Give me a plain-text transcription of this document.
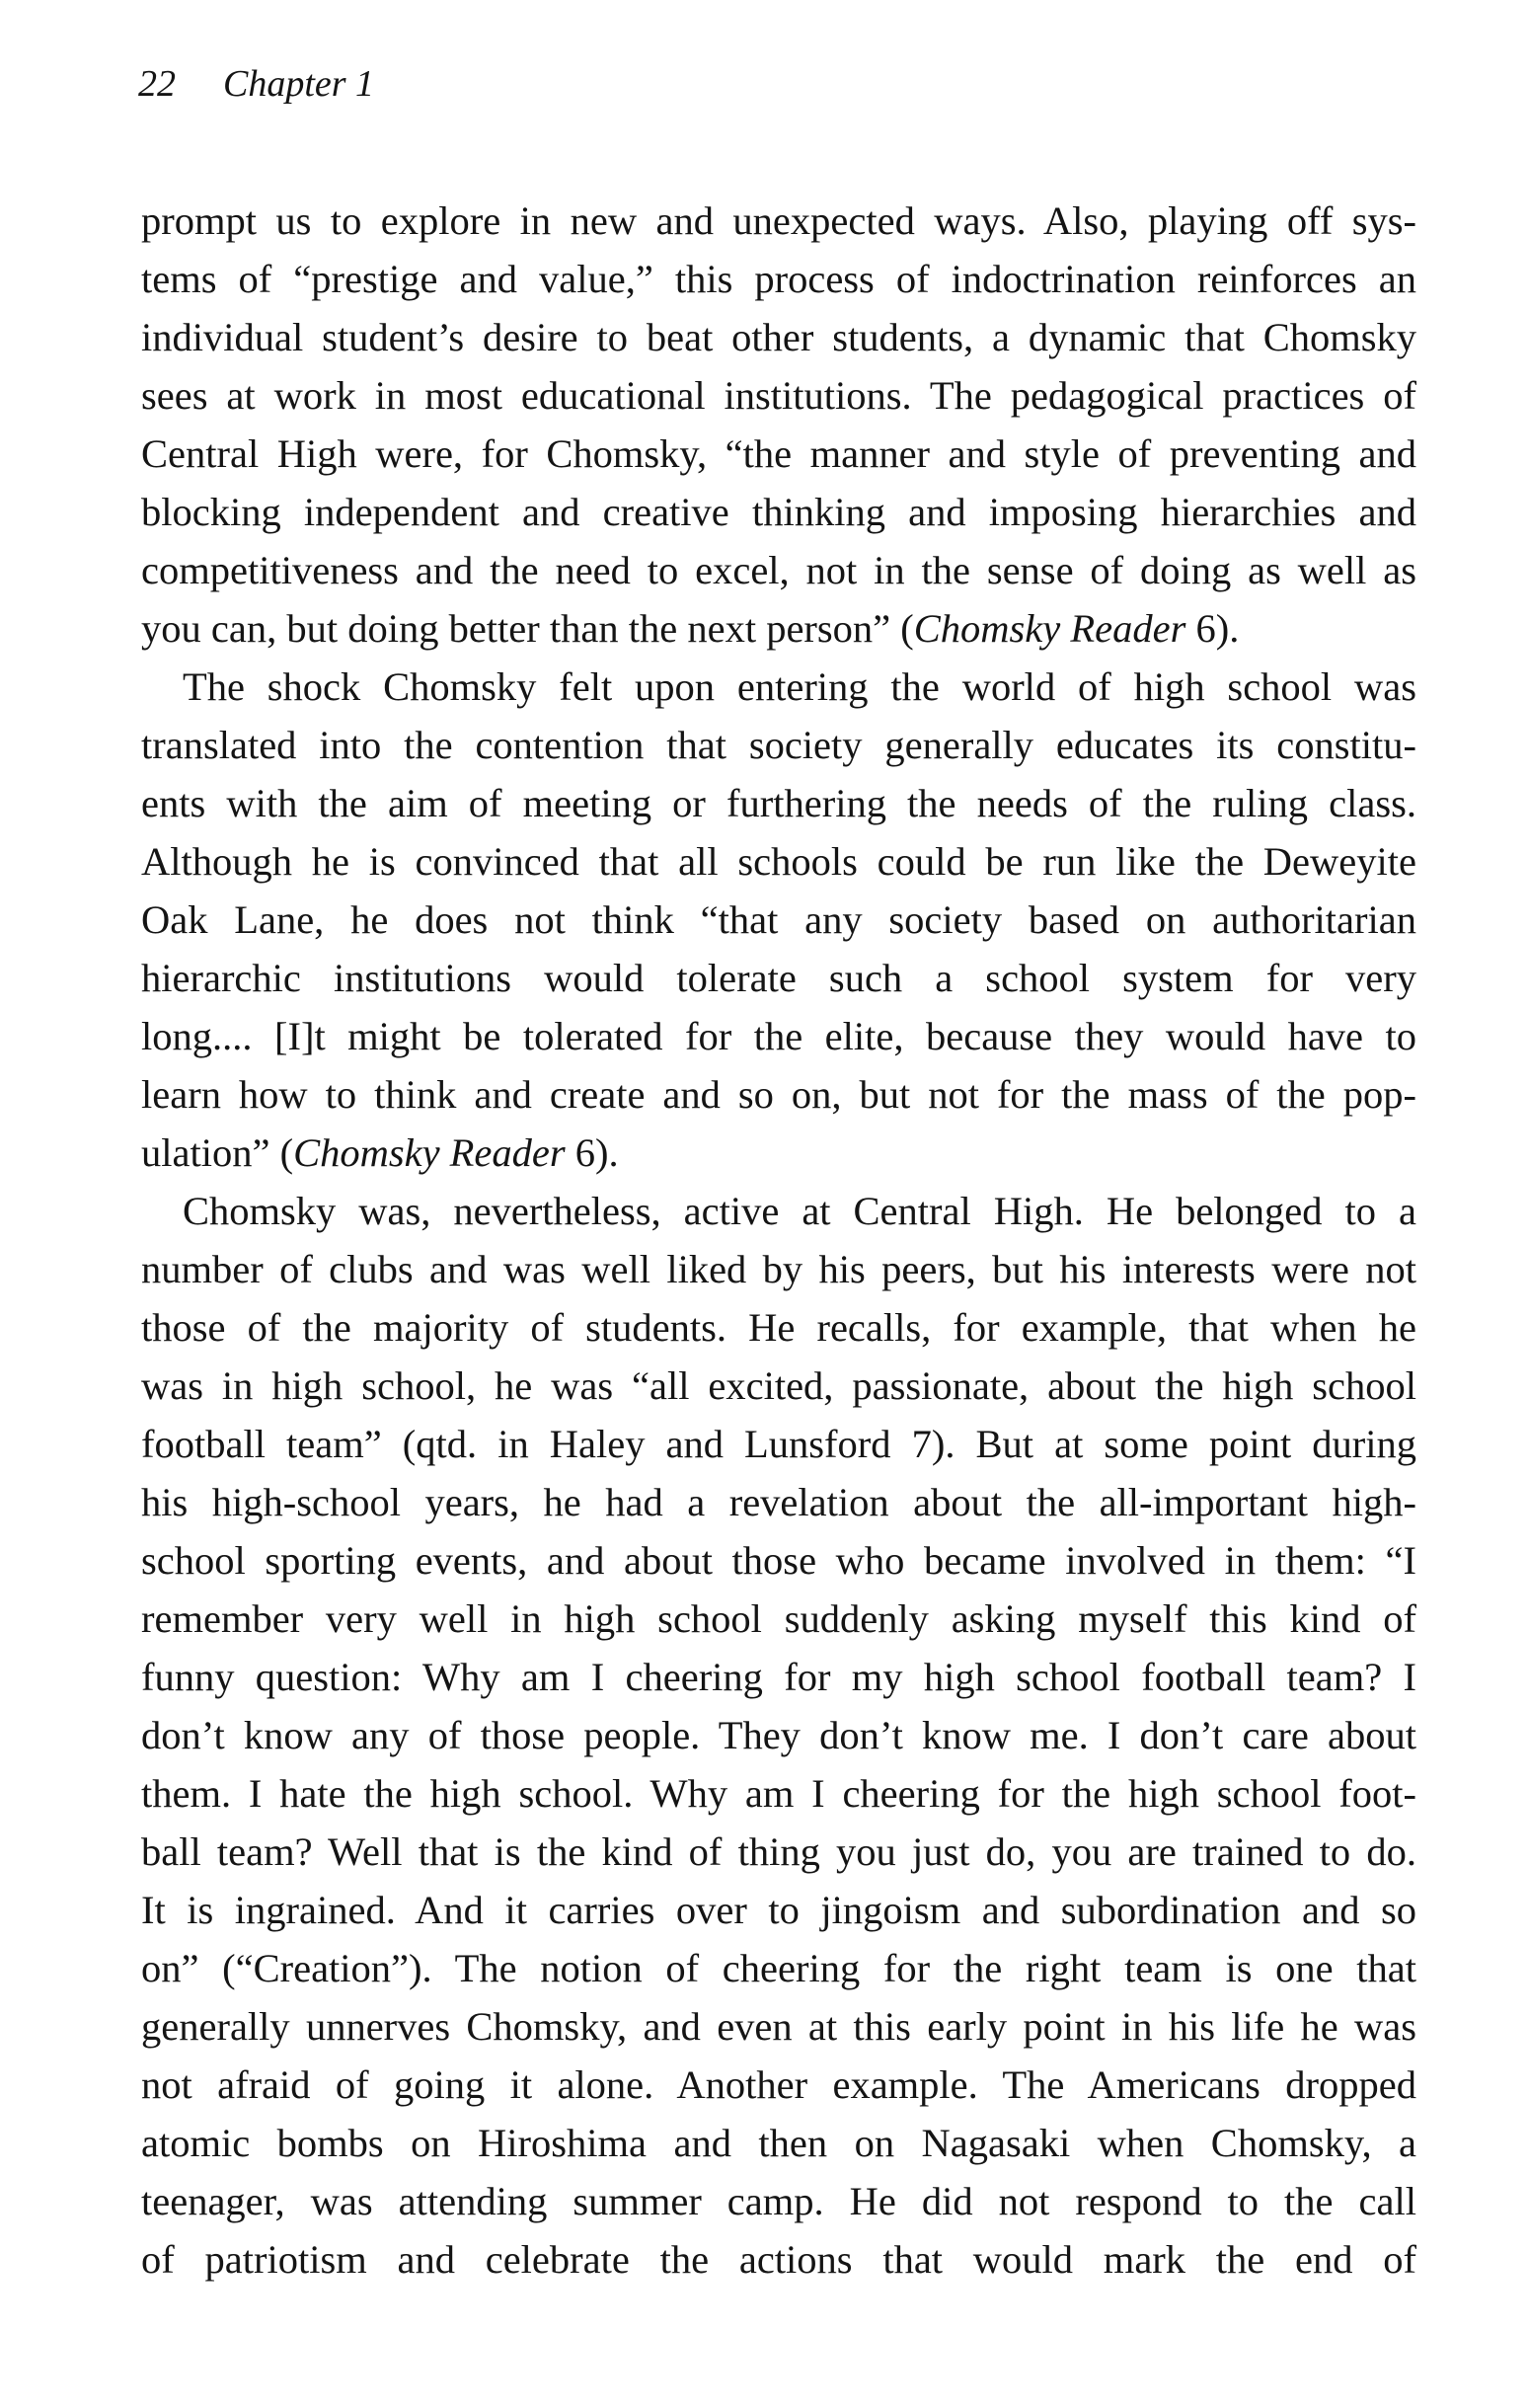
22 Chapter 1
prompt us to explore in new and unexpected ways. Also, playing off sys-
tems of “prestige and value,” this process of indoctrination reinforces an
individual student’s desire to beat other students, a dynamic that Chomsky
sees at work in most educational institutions. The pedagogical practices of
Central High were, for Chomsky, “the manner and style of preventing and
blocking independent and creative thinking and imposing hierarchies and
competitiveness and the need to excel, not in the sense of doing as well as
you can, but doing better than the next person” (Chomsky Reader 6).
The shock Chomsky felt upon entering the world of high school was
translated into the contention that society generally educates its constitu-
ents with the aim of meeting or furthering the needs of the ruling class.
Although he is convinced that all schools could be run like the Deweyite
Oak Lane, he does not think “that any society based on authoritarian
hierarchic institutions would tolerate such a school system for very
long.... [I]t might be tolerated for the elite, because they would have to
learn how to think and create and so on, but not for the mass of the pop-
ulation” (Chomsky Reader 6).
Chomsky was, nevertheless, active at Central High. He belonged to a
number of clubs and was well liked by his peers, but his interests were not
those of the majority of students. He recalls, for example, that when he
was in high school, he was “all excited, passionate, about the high school
football team” (qtd. in Haley and Lunsford 7). But at some point during
his high-school years, he had a revelation about the all-important high-
school sporting events, and about those who became involved in them: “I
remember very well in high school suddenly asking myself this kind of
funny question: Why am I cheering for my high school football team? I
don’t know any of those people. They don’t know me. I don’t care about
them. I hate the high school. Why am I cheering for the high school foot-
ball team? Well that is the kind of thing you just do, you are trained to do.
It is ingrained. And it carries over to jingoism and subordination and so
on” (“Creation”). The notion of cheering for the right team is one that
generally unnerves Chomsky, and even at this early point in his life he was
not afraid of going it alone. Another example. The Americans dropped
atomic bombs on Hiroshima and then on Nagasaki when Chomsky, a
teenager, was attending summer camp. He did not respond to the call
of patriotism and celebrate the actions that would mark the end of
